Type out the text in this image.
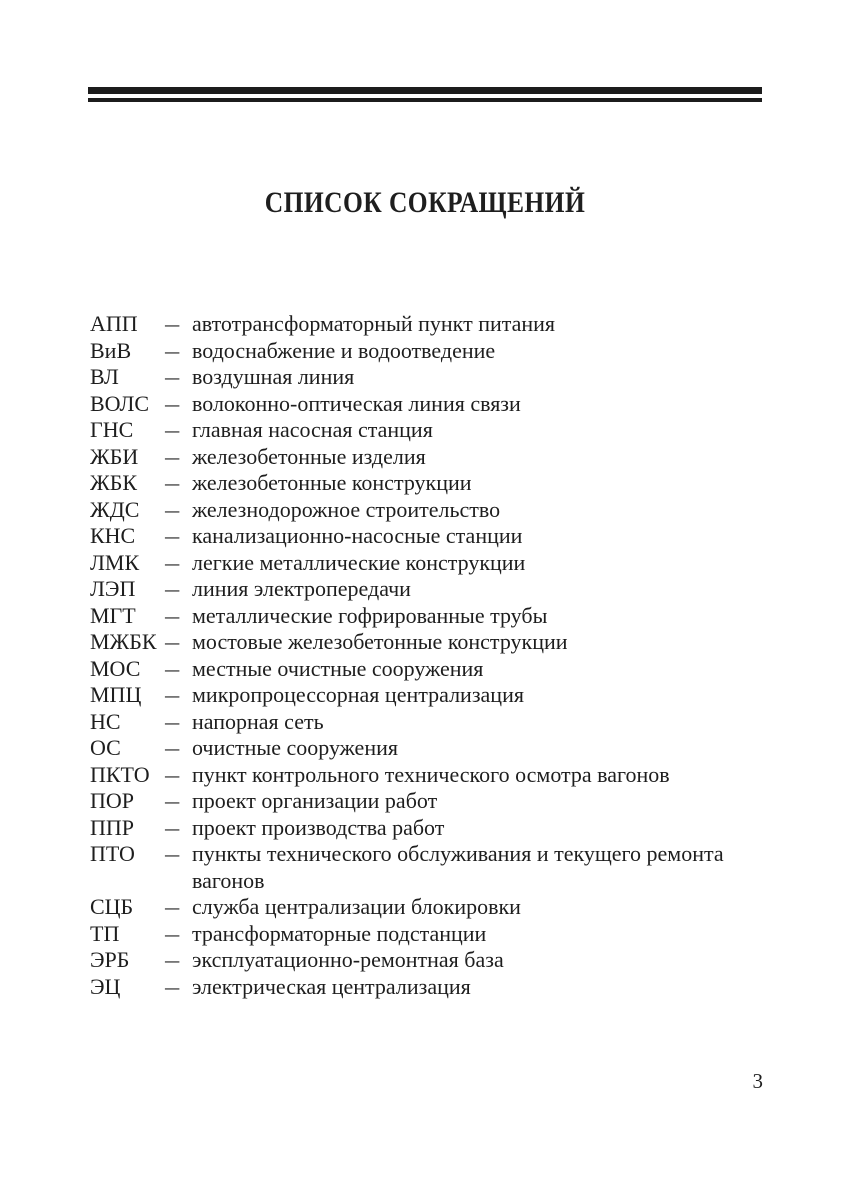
СПИСОК СОКРАЩЕНИЙ
АПП	— автотрансформаторный пункт питания
ВиВ	— водоснабжение и водоотведение
ВЛ	— воздушная линия
ВОЛС — волоконно-оптическая линия связи
ГНС	— главная насосная станция
ЖБИ	— железобетонные изделия
ЖБК	— железобетонные конструкции
ЖДС	— железнодорожное строительство
КНС	— канализационно-насосные станции
ЛМК	— легкие металлические конструкции
ЛЭП	— линия электропередачи
МГТ	— металлические гофрированные трубы
МЖБК — мостовые железобетонные конструкции
МОС	— местные очистные сооружения
МПЦ	— микропроцессорная централизация
НС	— напорная сеть
ОС	— очистные сооружения
ПКТО — пункт контрольного технического осмотра вагонов
ПОР	— проект организации работ
ППР	— проект производства работ
ПТО	— пункты технического обслуживания и текущего ремонта вагонов
СЦБ	— служба централизации блокировки
ТП	— трансформаторные подстанции
ЭРБ	— эксплуатационно-ремонтная база
ЭЦ	— электрическая централизация
3
